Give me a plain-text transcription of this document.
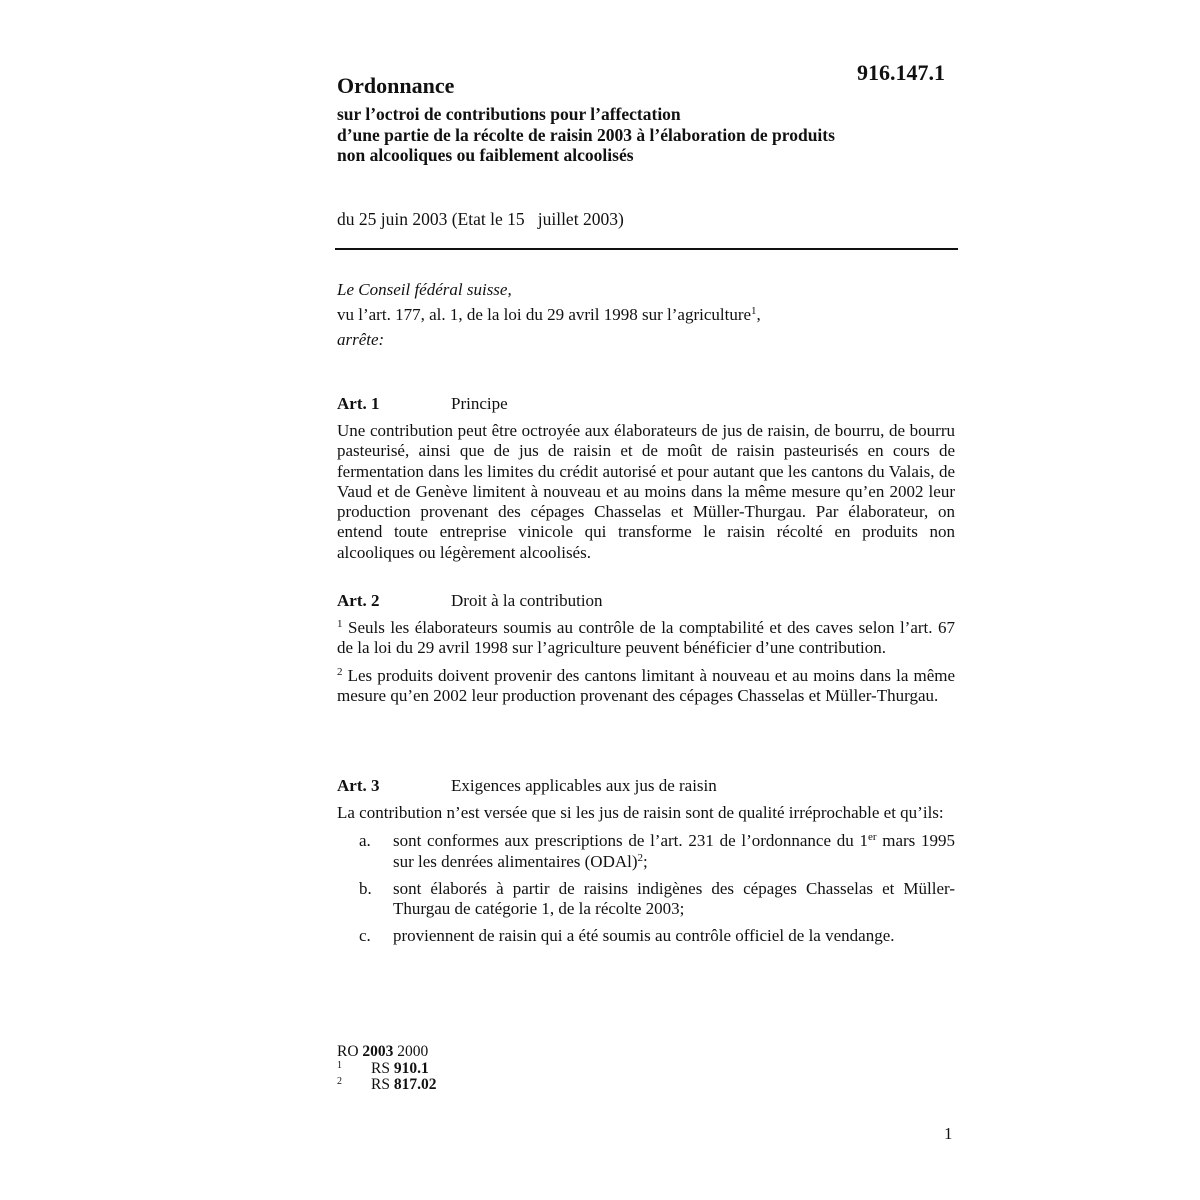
916.147.1
Ordonnance
sur l’octroi de contributions pour l’affectation
d’une partie de la récolte de raisin 2003 à l’élaboration de produits
non alcooliques ou faiblement alcoolisés
du 25 juin 2003 (Etat le 15   juillet 2003)
Le Conseil fédéral suisse,
vu l’art. 177, al. 1, de la loi du 29 avril 1998 sur l’agriculture$^1$,
arrête:
Art. 1	Principe

Une contribution peut être octroyée aux élaborateurs de jus de raisin, de bourru, de bourru pasteurisé, ainsi que de jus de raisin et de moût de raisin pasteurisés en cours de fermentation dans les limites du crédit autorisé et pour autant que les cantons du Valais, de Vaud et de Genève limitent à nouveau et au moins dans la même mesure qu’en 2002 leur production provenant des cépages Chasselas et Müller-Thurgau. Par élaborateur, on entend toute entreprise vinicole qui transforme le raisin récolté en produits non alcooliques ou légèrement alcoolisés.

Art. 2	Droit à la contribution

$^1$ Seuls les élaborateurs soumis au contrôle de la comptabilité et des caves selon l’art. 67 de la loi du 29 avril 1998 sur l’agriculture peuvent bénéficier d’une contribution.

$^2$ Les produits doivent provenir des cantons limitant à nouveau et au moins dans la même mesure qu’en 2002 leur production provenant des cépages Chasselas et Müller-Thurgau.

Art. 3	Exigences applicables aux jus de raisin

La contribution n’est versée que si les jus de raisin sont de qualité irréprochable et qu’ils:

a.	sont conformes aux prescriptions de l’art. 231 de l’ordonnance du 1er mars 1995 sur les denrées alimentaires (ODAl)$^2$;
b.	sont élaborés à partir de raisins indigènes des cépages Chasselas et Müller-Thurgau de catégorie 1, de la récolte 2003;
c.	proviennent de raisin qui a été soumis au contrôle officiel de la vendange.
RO 2003 2000
1	RS 910.1
2	RS 817.02
1
